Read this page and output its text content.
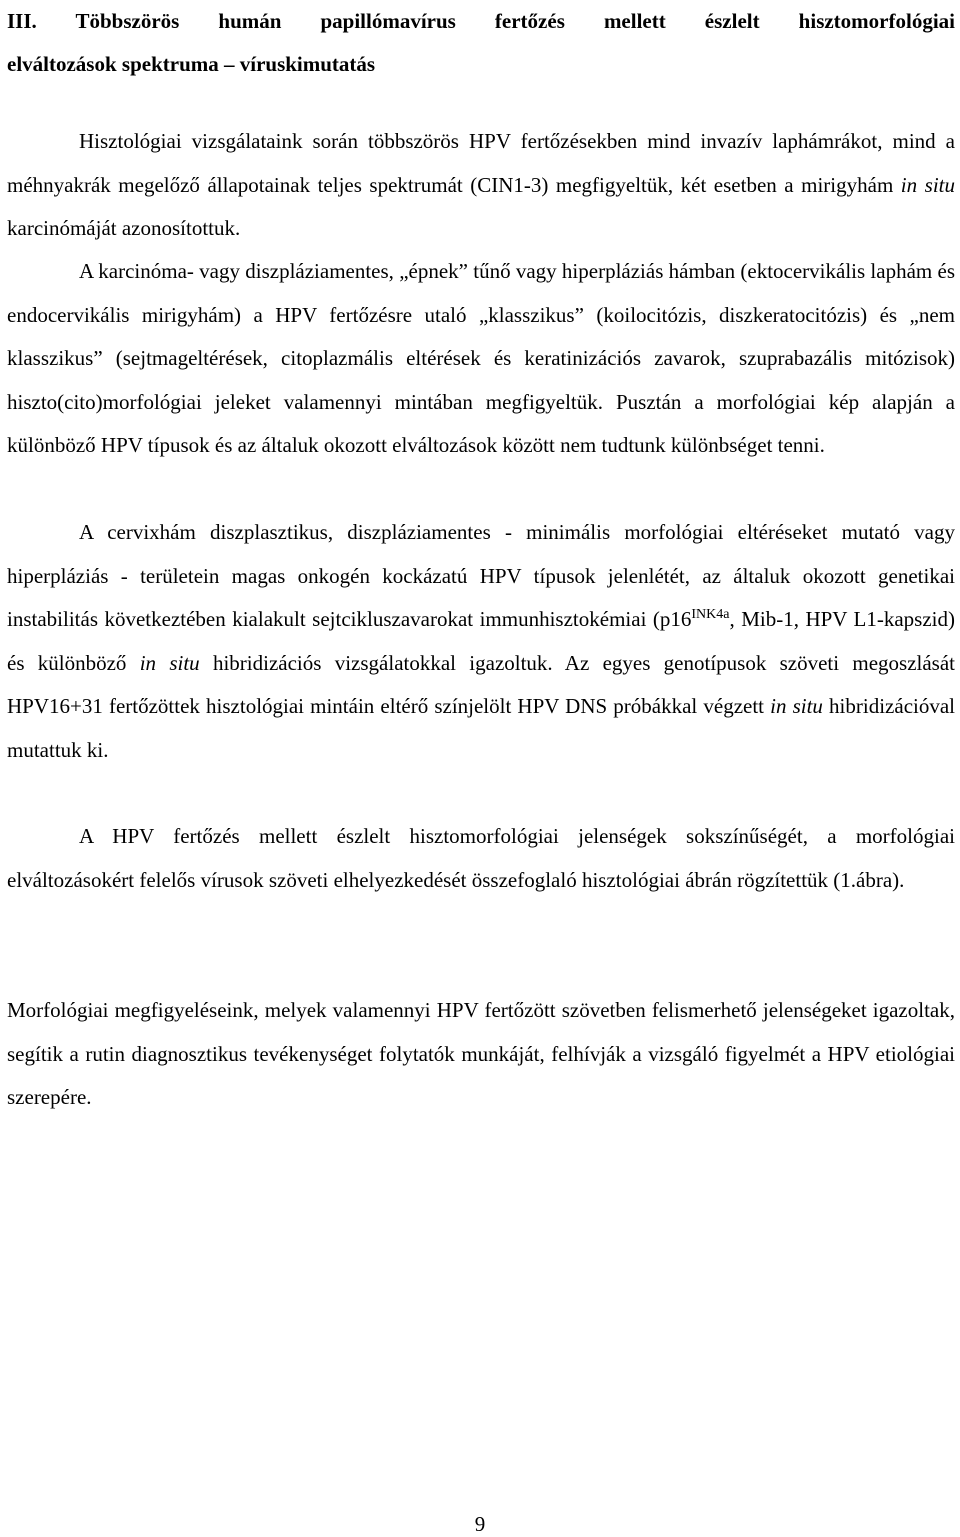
III. Többszörös humán papillómavírus fertőzés mellett észlelt hisztomorfológiai
elváltozások spektruma – víruskimutatás

Hisztológiai vizsgálataink során többszörös HPV fertőzésekben mind invazív laphámrákot, mind a méhnyakrák megelőző állapotainak teljes spektrumát (CIN1-3) megfigyeltük, két esetben a mirigyhám in situ karcinómáját azonosítottuk.

A karcinóma- vagy diszpláziamentes, „épnek” tűnő vagy hiperpláziás hámban (ektocervikális laphám és endocervikális mirigyhám) a HPV fertőzésre utaló „klasszikus” (koilocitózis, diszkeratocitózis) és „nem klasszikus” (sejtmageltérések, citoplazmális eltérések és keratinizációs zavarok, szuprabazális mitózisok) hiszto(cito)morfológiai jeleket valamennyi mintában megfigyeltük. Pusztán a morfológiai kép alapján a különböző HPV típusok és az általuk okozott elváltozások között nem tudtunk különbséget tenni.

A cervixhám diszplasztikus, diszpláziamentes - minimális morfológiai eltéréseket mutató vagy hiperpláziás - területein magas onkogén kockázatú HPV típusok jelenlétét, az általuk okozott genetikai instabilitás következtében kialakult sejtcikluszavarokat immunhisztokémiai ($p16^{INK4a}$, Mib-1, HPV L1-kapszid) és különböző in situ hibridizációs vizsgálatokkal igazoltuk. Az egyes genotípusok szöveti megoszlását HPV16+31 fertőzöttek hisztológiai mintáin eltérő színjelölt HPV DNS próbákkal végzett in situ hibridizációval mutattuk ki.

A HPV fertőzés mellett észlelt hisztomorfológiai jelenségek sokszínűségét, a morfológiai elváltozásokért felelős vírusok szöveti elhelyezkedését összefoglaló hisztológiai ábrán rögzítettük (1.ábra).

Morfológiai megfigyeléseink, melyek valamennyi HPV fertőzött szövetben felismerhető jelenségeket igazoltak, segítik a rutin diagnosztikus tevékenységet folytatók munkáját, felhívják a vizsgáló figyelmét a HPV etiológiai szerepére.

9
